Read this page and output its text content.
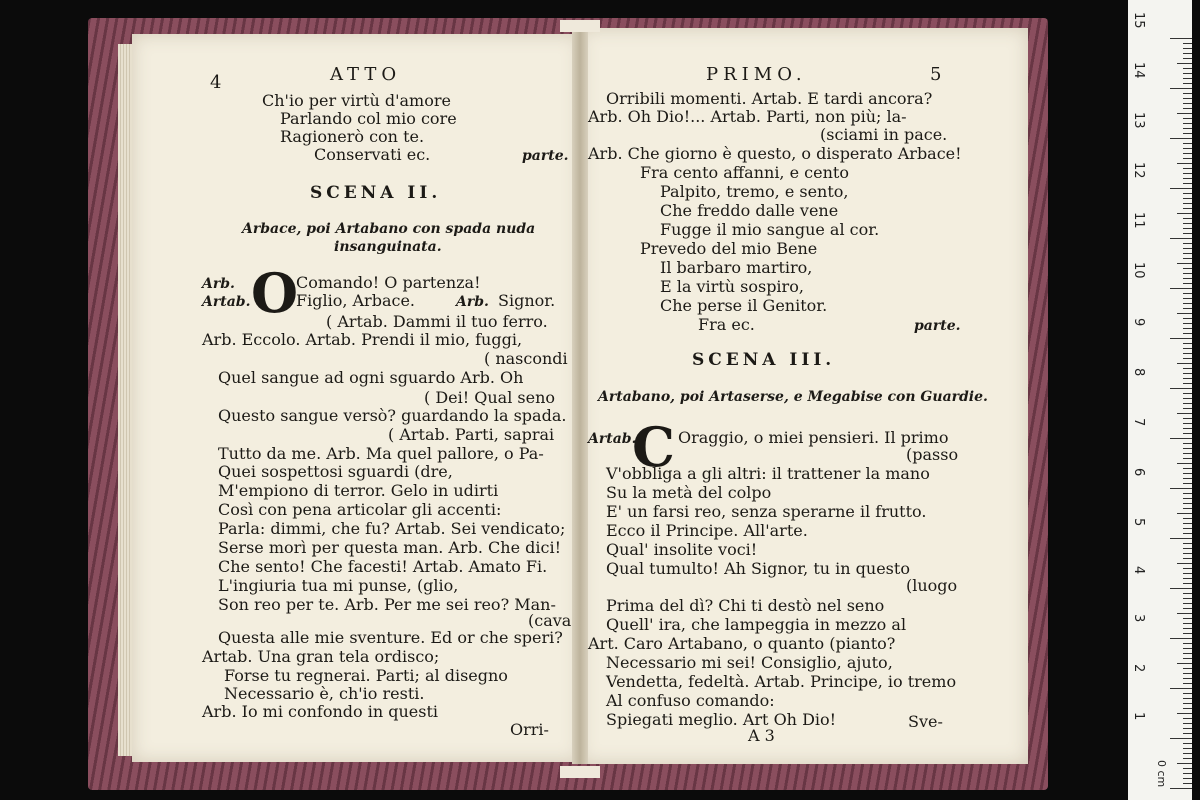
4	ATTO
Ch'io per virtù d'amore
Parlando col mio core
Ragionerò con te.
Conservati ec.	parte.
SCENA II.
Arbace, poi Artabano con spada nuda
insanguinata.
Arb. O
Comando! O partenza!
Artab.	Figlio, Arbace.	Arb. Signor.
( Artab. Dammi il tuo ferro.
Arb. Eccolo. Artab. Prendi il mio, fuggi,
( nascondi
Quel sangue ad ogni sguardo Arb. Oh
( Dei! Qual seno
Questo sangue versò? guardando la spada.
( Artab. Parti, saprai
Tutto da me. Arb. Ma quel pallore, o Pa-
Quei sospettosi sguardi (dre,
M'empiono di terror. Gelo in udirti
Così con pena articolar gli accenti:
Parla: dimmi, che fu? Artab. Sei vendicato;
Serse morì per questa man. Arb. Che dici!
Che sento! Che facesti! Artab. Amato Fi.
L'ingiuria tua mi punse, (glio,
Son reo per te. Arb. Per me sei reo? Man-
(cava
Questa alle mie sventure. Ed or che speri?
Artab. Una gran tela ordisco;
Forse tu regnerai. Parti; al disegno
Necessario è, ch'io resti.
Arb. Io mi confondo in questi
Orri-
PRIMO.	5
Orribili momenti. Artab. E tardi ancora?
Arb. Oh Dio!... Artab. Parti, non più; la-
(sciami in pace.
Arb. Che giorno è questo, o disperato Arbace!
Fra cento affanni, e cento
Palpito, tremo, e sento,
Che freddo dalle vene
Fugge il mio sangue al cor.
Prevedo del mio Bene
Il barbaro martiro,
E la virtù sospiro,
Che perse il Genitor.
Fra ec.	parte.
SCENA III.
Artabano, poi Artaserse, e Megabise con Guardie.
Artab.
C Oraggio, o miei pensieri. Il primo
(passo
V'obbliga a gli altri: il trattener la mano
Su la metà del colpo
E' un farsi reo, senza sperarne il frutto.
Ecco il Principe. All'arte.
Qual' insolite voci!
Qual tumulto! Ah Signor, tu in questo
(luogo
Prima del dì? Chi ti destò nel seno
Quell' ira, che lampeggia in mezzo al
Art. Caro Artabano, o quanto (pianto?
Necessario mi sei! Consiglio, ajuto,
Vendetta, fedeltà. Artab. Principe, io tremo
Al confuso comando:
Spiegati meglio. Art Oh Dio!
A 3
Sve-
0 cm
1
2
3
4
5
6
7
8
9
10
11
12
13
14
15
